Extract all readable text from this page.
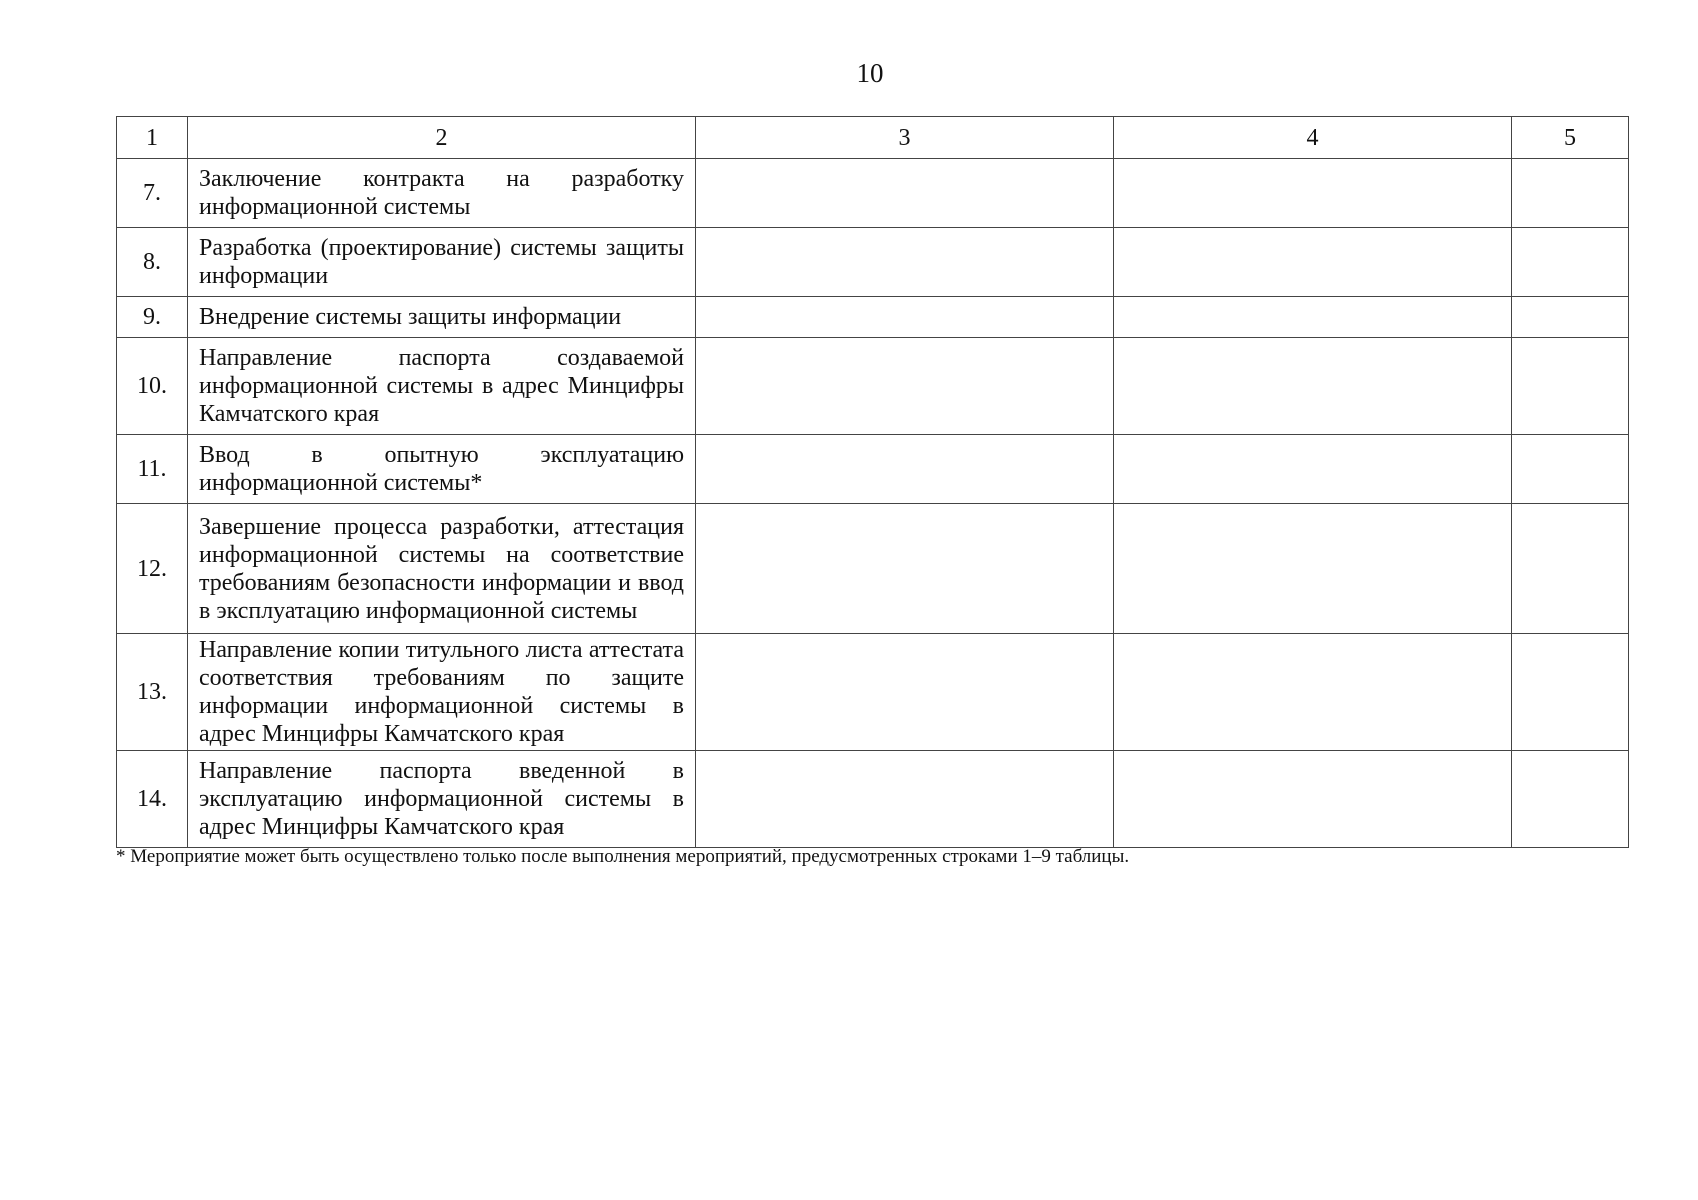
10
1	2	3	4	5
7.	Заключение контракта на разработку информационной системы			
8.	Разработка (проектирование) системы защиты информации			
9.	Внедрение системы защиты информации			
10.	Направление паспорта создаваемой информационной системы в адрес Минцифры Камчатского края			
11.	Ввод в опытную эксплуатацию информационной системы*			
12.	Завершение процесса разработки, аттестация информационной системы на соответствие требованиям безопасности информации и ввод в эксплуатацию информационной системы			
13.	Направление копии титульного листа аттестата соответствия требованиям по защите информации информационной системы в адрес Минцифры Камчатского края			
14.	Направление паспорта введенной в эксплуатацию информационной системы в адрес Минцифры Камчатского края			
* Мероприятие может быть осуществлено только после выполнения мероприятий, предусмотренных строками 1–9 таблицы.
